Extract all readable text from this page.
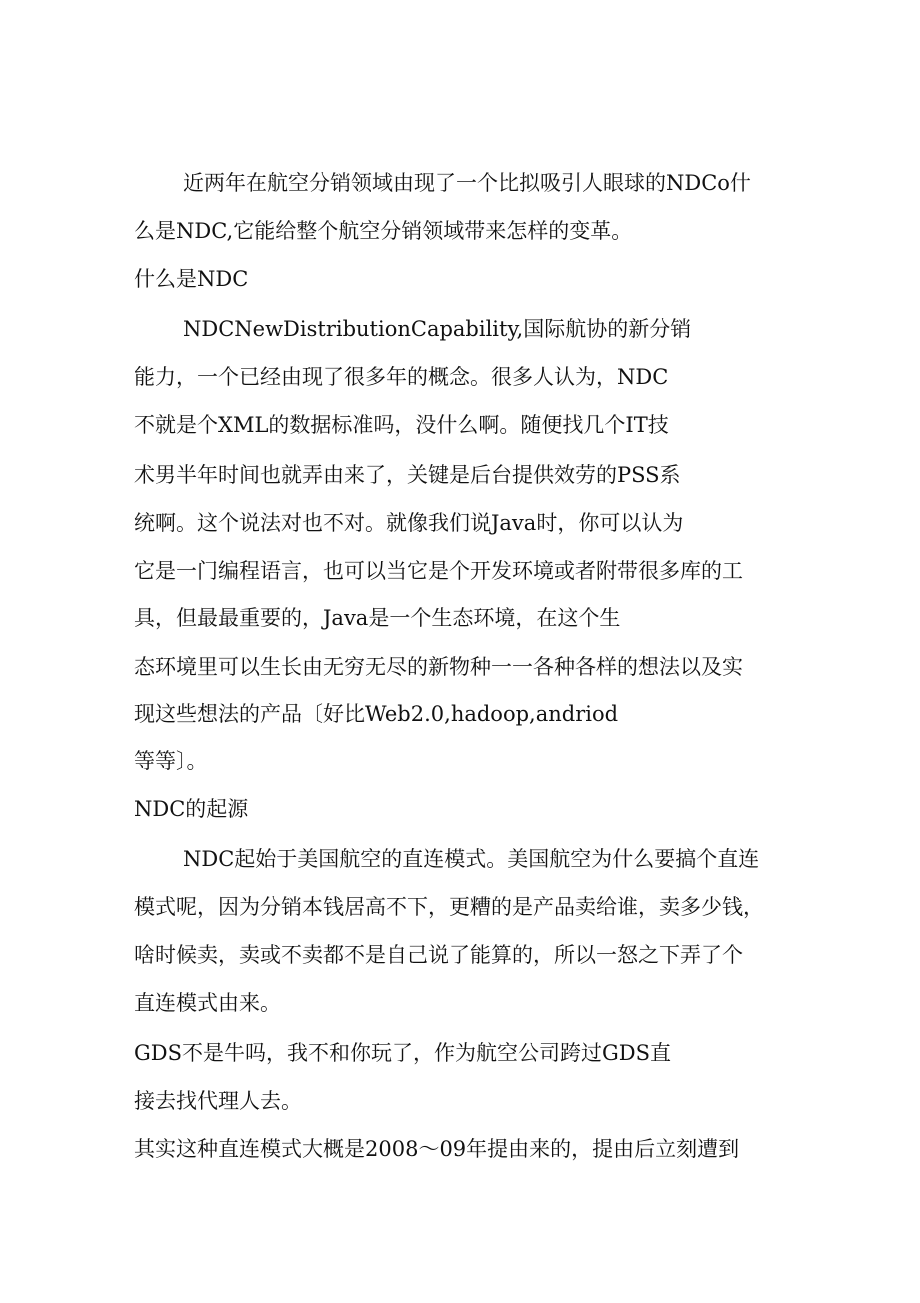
近两年在航空分销领域由现了一个比拟吸引人眼球的NDCo什
么是NDC,它能给整个航空分销领域带来怎样的变革。
什么是NDC
NDCNewDistributionCapability,国际航协的新分销
能力，一个已经由现了很多年的概念。很多人认为，NDC
不就是个XML的数据标准吗，没什么啊。随便找几个IT技
术男半年时间也就弄由来了，关键是后台提供效劳的PSS系
统啊。这个说法对也不对。就像我们说Java时，你可以认为
它是一门编程语言，也可以当它是个开发环境或者附带很多库的工
具，但最最重要的，Java是一个生态环境，在这个生
态环境里可以生长由无穷无尽的新物种一一各种各样的想法以及实
现这些想法的产品〔好比Web2.0,hadoop,andriod
等等〕。
NDC的起源
NDC起始于美国航空的直连模式。美国航空为什么要搞个直连
模式呢，因为分销本钱居高不下，更糟的是产品卖给谁，卖多少钱，
啥时候卖，卖或不卖都不是自己说了能算的，所以一怒之下弄了个
直连模式由来。
GDS不是牛吗，我不和你玩了，作为航空公司跨过GDS直
接去找代理人去。
其实这种直连模式大概是2008～09年提由来的，提由后立刻遭到
